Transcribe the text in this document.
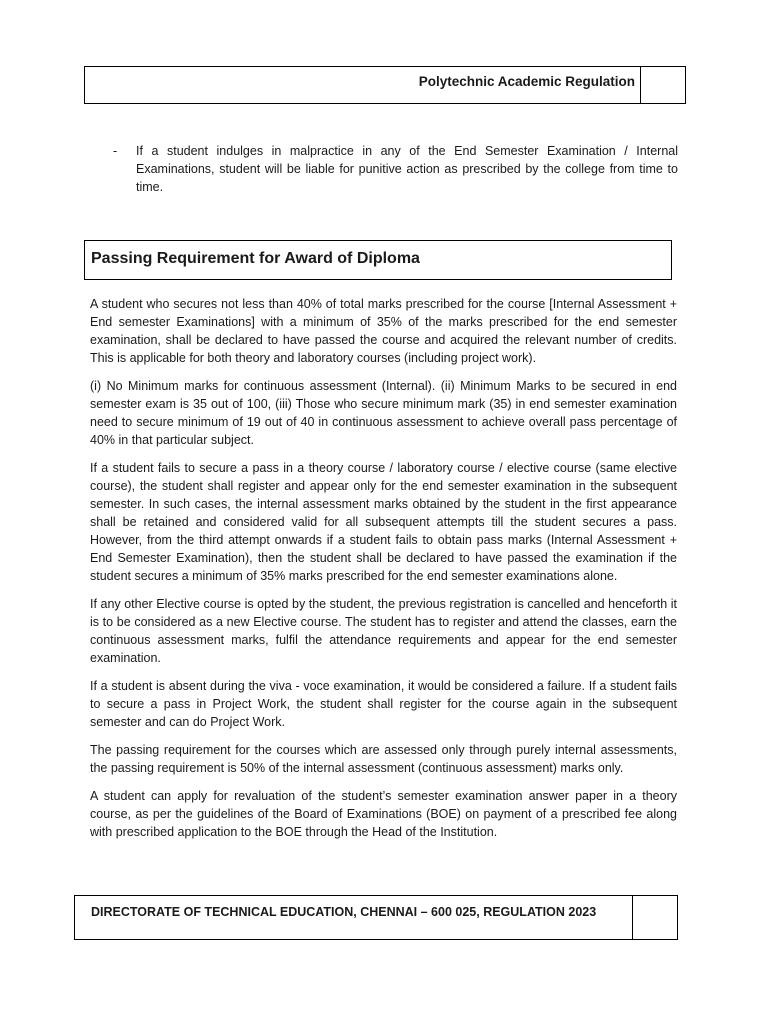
Polytechnic Academic Regulation
- If a student indulges in malpractice in any of the End Semester Examination / Internal Examinations, student will be liable for punitive action as prescribed by the college from time to time.
Passing Requirement for Award of Diploma

A student who secures not less than 40% of total marks prescribed for the course [Internal Assessment + End semester Examinations] with a minimum of 35% of the marks prescribed for the end semester examination, shall be declared to have passed the course and acquired the relevant number of credits. This is applicable for both theory and laboratory courses (including project work).

(i) No Minimum marks for continuous assessment (Internal). (ii) Minimum Marks to be secured in end semester exam is 35 out of 100, (iii) Those who secure minimum mark (35) in end semester examination need to secure minimum of 19 out of 40 in continuous assessment to achieve overall pass percentage of 40% in that particular subject.

If a student fails to secure a pass in a theory course / laboratory course / elective course (same elective course), the student shall register and appear only for the end semester examination in the subsequent semester. In such cases, the internal assessment marks obtained by the student in the first appearance shall be retained and considered valid for all subsequent attempts till the student secures a pass. However, from the third attempt onwards if a student fails to obtain pass marks (Internal Assessment + End Semester Examination), then the student shall be declared to have passed the examination if the student secures a minimum of 35% marks prescribed for the end semester examinations alone.

If any other Elective course is opted by the student, the previous registration is cancelled and henceforth it is to be considered as a new Elective course. The student has to register and attend the classes, earn the continuous assessment marks, fulfil the attendance requirements and appear for the end semester examination.

If a student is absent during the viva - voce examination, it would be considered a failure. If a student fails to secure a pass in Project Work, the student shall register for the course again in the subsequent semester and can do Project Work.

The passing requirement for the courses which are assessed only through purely internal assessments, the passing requirement is 50% of the internal assessment (continuous assessment) marks only.

A student can apply for revaluation of the student’s semester examination answer paper in a theory course, as per the guidelines of the Board of Examinations (BOE) on payment of a prescribed fee along with prescribed application to the BOE through the Head of the Institution.

DIRECTORATE OF TECHNICAL EDUCATION, CHENNAI – 600 025, REGULATION 2023
